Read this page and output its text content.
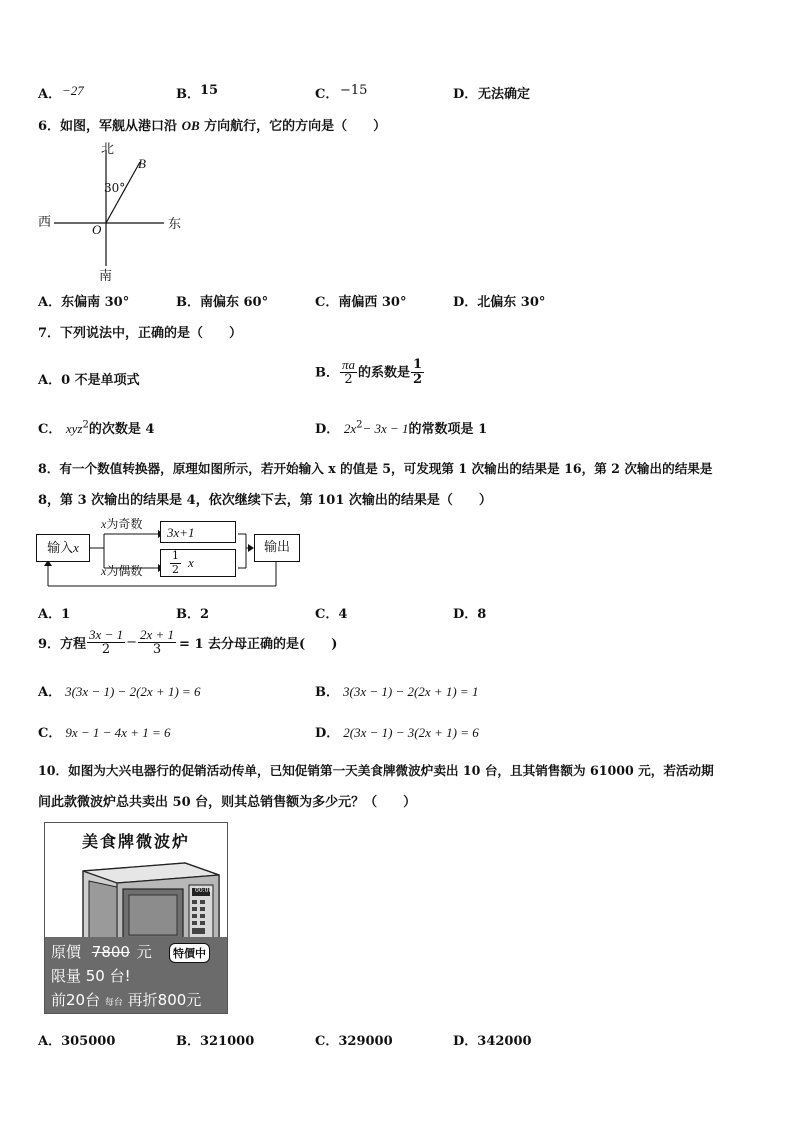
A． −27	B． 15	C． −15	D． 无法确定
6．如图，军舰从港口沿 OB 方向航行，它的方向是（　　）
北
B
30°
西	东
O
南
A．东偏南 30°	B．南偏东 60°	C．南偏西 30°	D．北偏东 30°
7．下列说法中，正确的是（　　）
A．0 不是单项式
B． $\frac{\pi a}{2}$ 的系数是 $\frac{1}{2}$
C． xyz$^2$的次数是 4	D． $2x^2- 3x - 1$的常数项是 1
8．有一个数值转换器，原理如图所示，若开始输入 x 的值是 5，可发现第 1 次输出的结果是 16，第 2 次输出的结果是
8，第 3 次输出的结果是 4，依次继续下去，第 101 次输出的结果是（　　）
输入x
x为奇数
x为偶数
3x+1
$\frac{1}{2}$ x
输出
A．1	B．2	C．4	D．8
9．方程 $\frac{3x - 1}{2} - \frac{2x + 1}{3} = 1$ 去分母正确的是(　　)
A． 3(3x − 1) − 2(2x + 1) = 6	B． 3(3x − 1) − 2(2x + 1) = 1
C． 9x − 1 − 4x + 1 = 6	D． 2(3x − 1) − 3(2x + 1) = 6
10．如图为大兴电器行的促销活动传单，已知促销第一天美食牌微波炉卖出 10 台，且其销售额为 61000 元，若活动期
间此款微波炉总共卖出 50 台，则其总销售额为多少元？（　　）
美食牌微波炉
00:00
原價 7800 元	特價中
限量 50 台!
前20台 每台 再折800元
A．305000	B．321000	C．329000	D．342000
